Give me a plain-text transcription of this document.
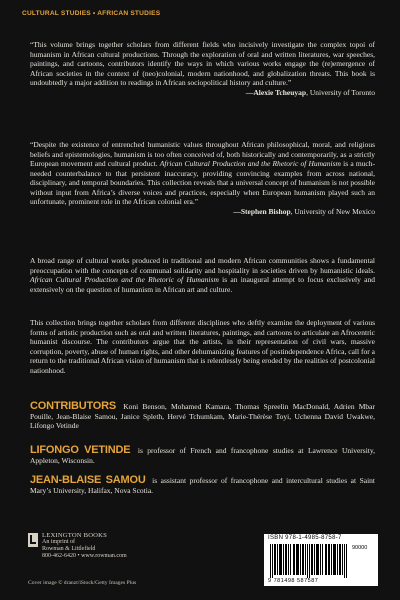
CULTURAL STUDIES • AFRICAN STUDIES
“This volume brings together scholars from different fields who incisively investigate the complex topoi of humanism in African cultural productions. Through the exploration of oral and written literatures, war speeches, paintings, and cartoons, contributors identify the ways in which various works engage the (re)emergence of African societies in the context of (neo)colonial, modern nationhood, and globalization threats. This book is undoubtedly a major addition to readings in African sociopolitical history and culture.”
—Alexie Tcheuyap, University of Toronto
“Despite the existence of entrenched humanistic values throughout African philosophical, moral, and religious beliefs and epistemologies, humanism is too often conceived of, both historically and contemporarily, as a strictly European movement and cultural product. African Cultural Production and the Rhetoric of Humanism is a much-needed counterbalance to that persistent inaccuracy, providing convincing examples from across national, disciplinary, and temporal boundaries. This collection reveals that a universal concept of humanism is not possible without input from Africa’s diverse voices and practices, especially when European humanism played such an unfortunate, prominent role in the African colonial era.”
—Stephen Bishop, University of New Mexico
A broad range of cultural works produced in traditional and modern African communities shows a fundamental preoccupation with the concepts of communal solidarity and hospitality in societies driven by humanistic ideals. African Cultural Production and the Rhetoric of Humanism is an inaugural attempt to focus exclusively and extensively on the question of humanism in African art and culture.
This collection brings together scholars from different disciplines who deftly examine the deployment of various forms of artistic production such as oral and written literatures, paintings, and cartoons to articulate an Afrocentric humanist discourse. The contributors argue that the artists, in their representation of civil wars, massive corruption, poverty, abuse of human rights, and other dehumanizing features of postindependence Africa, call for a return to the traditional African vision of humanism that is relentlessly being eroded by the realities of postcolonial nationhood.
CONTRIBUTORS Koni Benson, Mohamed Kamara, Thomas Spreelin MacDonald, Adrien Mbar Pouille, Jean-Blaise Samou, Janice Spleth, Hervé Tchumkam, Marie-Thérèse Toyi, Uchenna David Uwakwe, Lifongo Vetinde
LIFONGO VETINDE is professor of French and francophone studies at Lawrence University, Appleton, Wisconsin.
JEAN-BLAISE SAMOU is assistant professor of francophone and intercultural studies at Saint Mary’s University, Halifax, Nova Scotia.
LEXINGTON BOOKS
An imprint of
Rowman & Littlefield
800-462-6420 • www.rowman.com
Cover image © dranzt/iStock/Getty Images Plus
ISBN 978-1-4985-8758-7
9 781498 587587
90000
